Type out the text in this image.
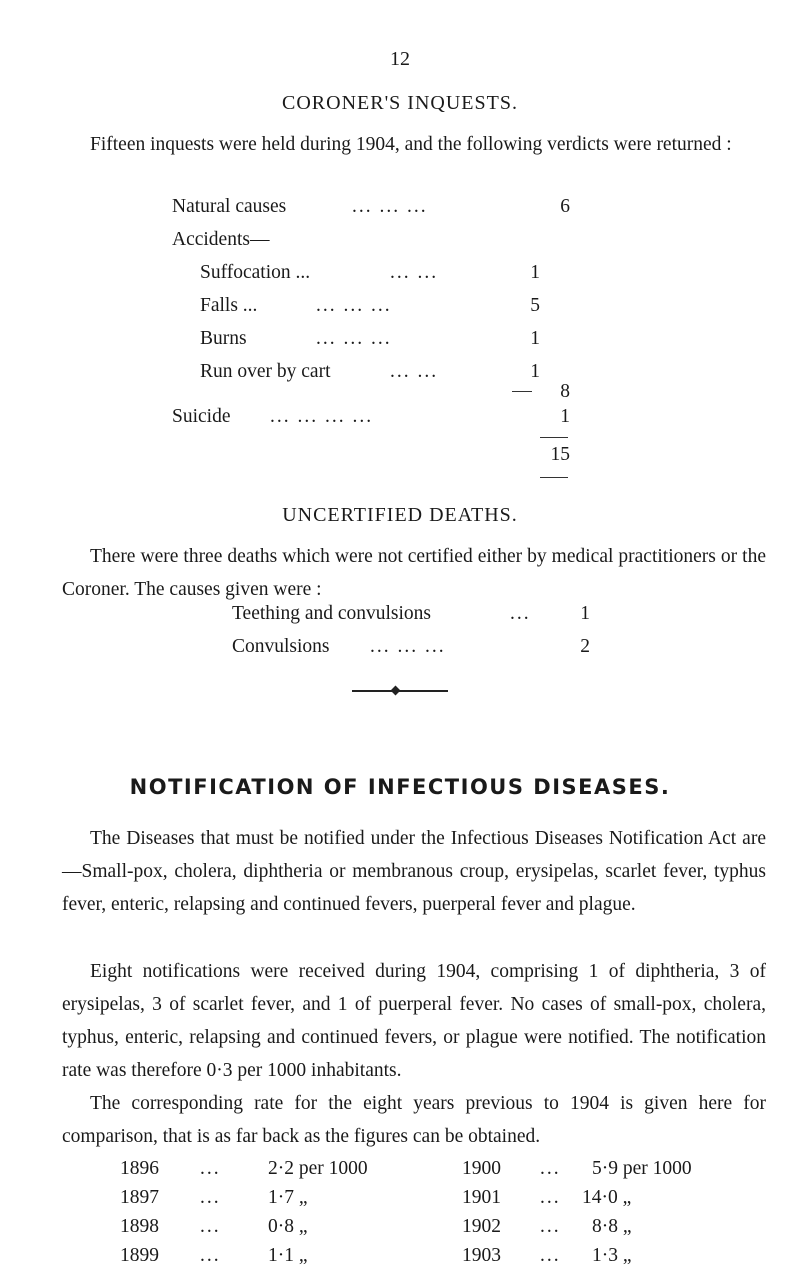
12
CORONER'S INQUESTS.
Fifteen inquests were held during 1904, and the following verdicts were returned :
Natural causes	... ... ...	6
Accidents—
Suffocation ...	... ...	1
Falls ...	... ... ...	5
Burns	... ... ...	1
Run over by cart	... ...	1
8
Suicide ... ... ... ...	1
15
UNCERTIFIED DEATHS.
There were three deaths which were not certified either by medical practitioners or the Coroner. The causes given were :
Teething and convulsions	...	1
Convulsions ... ... ...	2
NOTIFICATION OF INFECTIOUS DISEASES.
The Diseases that must be notified under the Infectious Diseases Notification Act are—Small-pox, cholera, diphtheria or membranous croup, erysipelas, scarlet fever, typhus fever, enteric, relapsing and continued fevers, puerperal fever and plague.
Eight notifications were received during 1904, comprising 1 of diphtheria, 3 of erysipelas, 3 of scarlet fever, and 1 of puerperal fever. No cases of small-pox, cholera, typhus, enteric, relapsing and continued fevers, or plague were notified. The notification rate was therefore 0·3 per 1000 inhabitants.
The corresponding rate for the eight years previous to 1904 is given here for comparison, that is as far back as the figures can be obtained.
1896 ... 2·2 per 1000	1900 ... 5·9 per 1000
1897 ... 1·7 „	1901 ... 14·0 „
1898 ... 0·8 „	1902 ... 8·8 „
1899 ... 1·1 „	1903 ... 1·3 „
